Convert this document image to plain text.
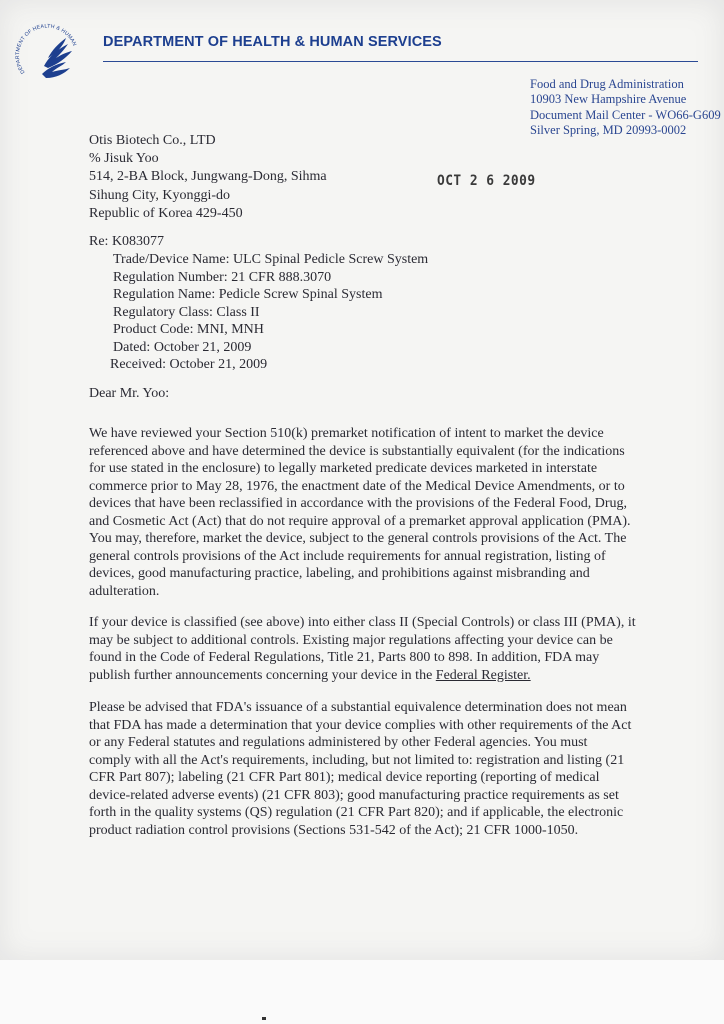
DEPARTMENT OF HEALTH & HUMAN DEPARTMENT OF HEALTH & HUMAN SERVICES
Food and Drug Administration
10903 New Hampshire Avenue
Document Mail Center - WO66-G609
Silver Spring, MD 20993-0002
Otis Biotech Co., LTD
% Jisuk Yoo
514, 2-BA Block, Jungwang-Dong, Sihma
Sihung City, Kyonggi-do
Republic of Korea 429-450
OCT 2 6 2009
Re: K083077
Trade/Device Name: ULC Spinal Pedicle Screw System
Regulation Number: 21 CFR 888.3070
Regulation Name: Pedicle Screw Spinal System
Regulatory Class: Class II
Product Code: MNI, MNH
Dated: October 21, 2009
Received: October 21, 2009
Dear Mr. Yoo:
We have reviewed your Section 510(k) premarket notification of intent to market the device
referenced above and have determined the device is substantially equivalent (for the indications
for use stated in the enclosure) to legally marketed predicate devices marketed in interstate
commerce prior to May 28, 1976, the enactment date of the Medical Device Amendments, or to
devices that have been reclassified in accordance with the provisions of the Federal Food, Drug,
and Cosmetic Act (Act) that do not require approval of a premarket approval application (PMA).
You may, therefore, market the device, subject to the general controls provisions of the Act. The
general controls provisions of the Act include requirements for annual registration, listing of
devices, good manufacturing practice, labeling, and prohibitions against misbranding and
adulteration.
If your device is classified (see above) into either class II (Special Controls) or class III (PMA), it
may be subject to additional controls. Existing major regulations affecting your device can be
found in the Code of Federal Regulations, Title 21, Parts 800 to 898. In addition, FDA may
publish further announcements concerning your device in the Federal Register.
Please be advised that FDA's issuance of a substantial equivalence determination does not mean
that FDA has made a determination that your device complies with other requirements of the Act
or any Federal statutes and regulations administered by other Federal agencies. You must
comply with all the Act's requirements, including, but not limited to: registration and listing (21
CFR Part 807); labeling (21 CFR Part 801); medical device reporting (reporting of medical
device-related adverse events) (21 CFR 803); good manufacturing practice requirements as set
forth in the quality systems (QS) regulation (21 CFR Part 820); and if applicable, the electronic
product radiation control provisions (Sections 531-542 of the Act); 21 CFR 1000-1050.
